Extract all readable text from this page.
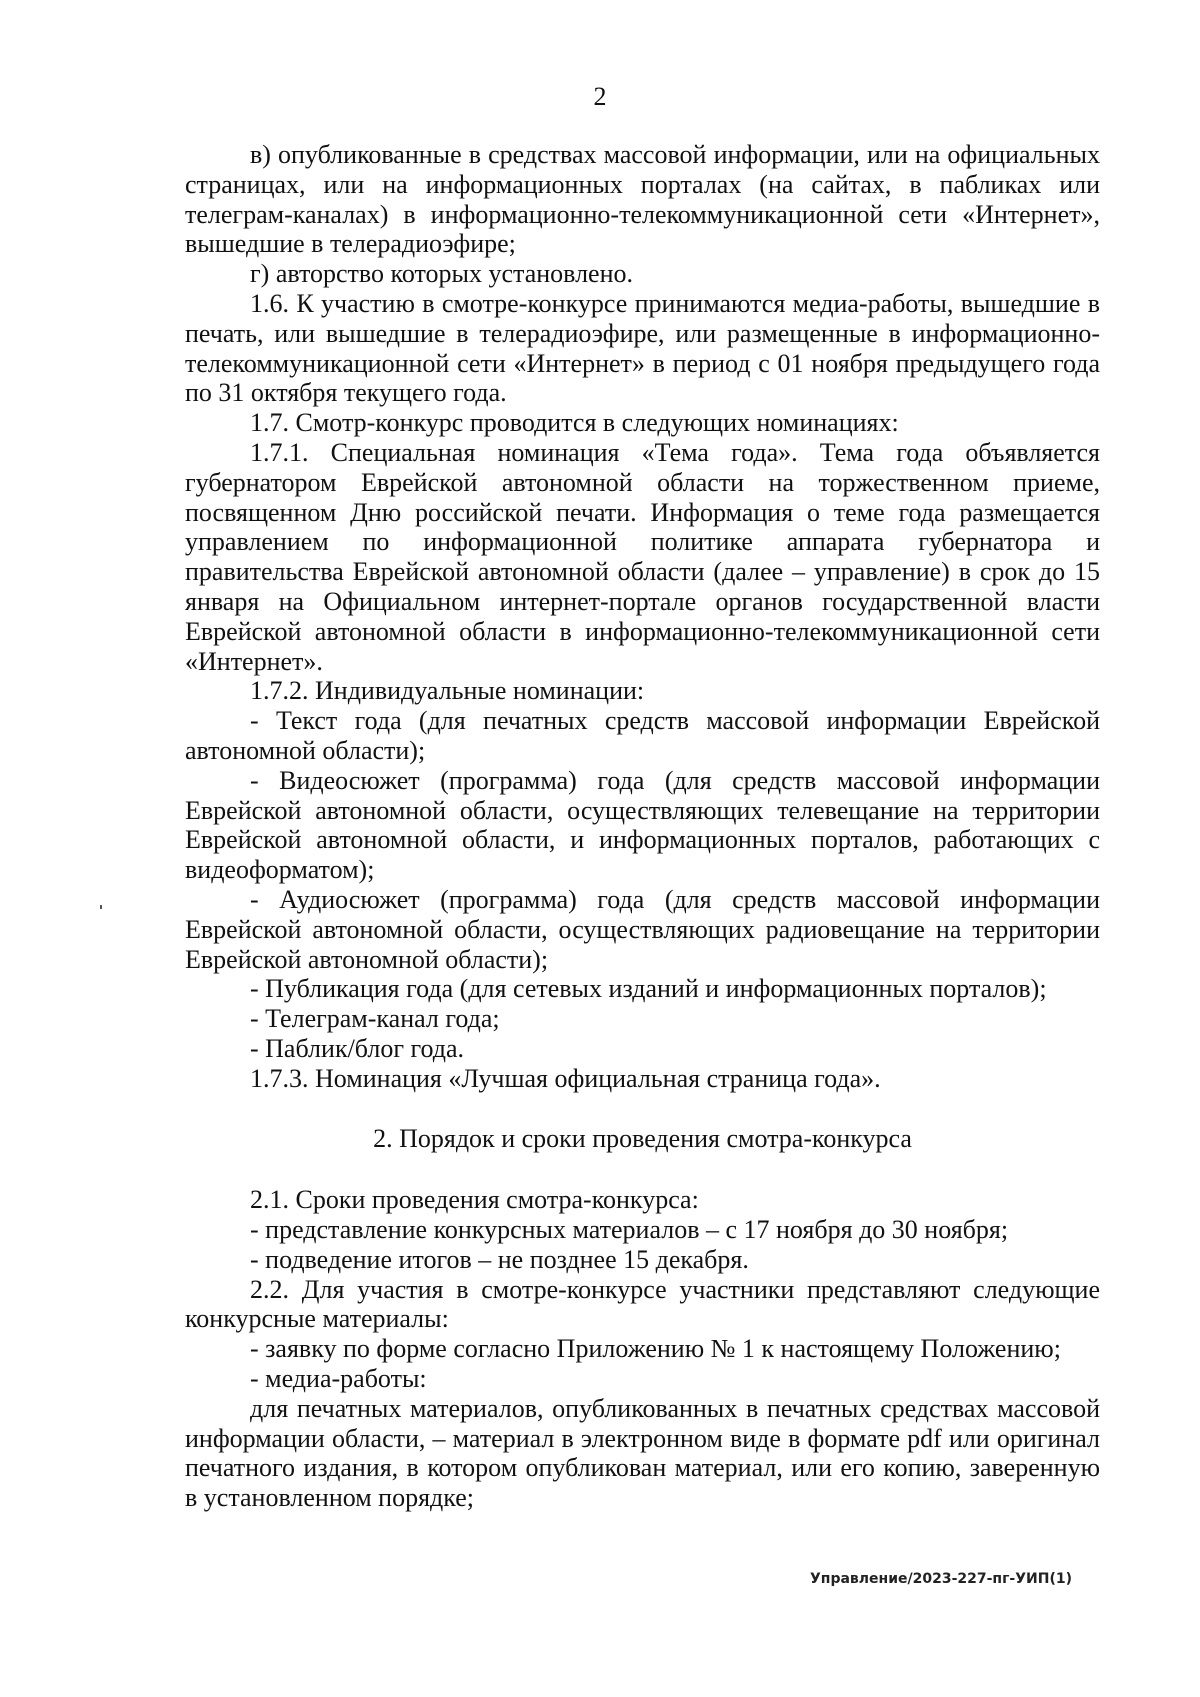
2

в) опубликованные в средствах массовой информации, или на официальных страницах, или на информационных порталах (на сайтах, в пабликах или телеграм-каналах) в информационно-телекоммуникационной сети «Интернет», вышедшие в телерадиоэфире;

г) авторство которых установлено.

1.6. К участию в смотре-конкурсе принимаются медиа-работы, вышедшие в печать, или вышедшие в телерадиоэфире, или размещенные в информационно-телекоммуникационной сети «Интернет» в период с 01 ноября предыдущего года по 31 октября текущего года.

1.7. Смотр-конкурс проводится в следующих номинациях:

1.7.1. Специальная номинация «Тема года». Тема года объявляется губернатором Еврейской автономной области на торжественном приеме, посвященном Дню российской печати. Информация о теме года размещается управлением по информационной политике аппарата губернатора и правительства Еврейской автономной области (далее – управление) в срок до 15 января на Официальном интернет-портале органов государственной власти Еврейской автономной области в информационно-телекоммуникационной сети «Интернет».

1.7.2. Индивидуальные номинации:

- Текст года (для печатных средств массовой информации Еврейской автономной области);

- Видеосюжет (программа) года (для средств массовой информации Еврейской автономной области, осуществляющих телевещание на территории Еврейской автономной области, и информационных порталов, работающих с видеоформатом);

- Аудиосюжет (программа) года (для средств массовой информации Еврейской автономной области, осуществляющих радиовещание на территории Еврейской автономной области);

- Публикация года (для сетевых изданий и информационных порталов);

- Телеграм-канал года;

- Паблик/блог года.

1.7.3. Номинация «Лучшая официальная страница года».

2. Порядок и сроки проведения смотра-конкурса

2.1. Сроки проведения смотра-конкурса:

- представление конкурсных материалов – с 17 ноября до 30 ноября;

- подведение итогов – не позднее 15 декабря.

2.2. Для участия в смотре-конкурсе участники представляют следующие конкурсные материалы:

- заявку по форме согласно Приложению № 1 к настоящему Положению;

- медиа-работы:

для печатных материалов, опубликованных в печатных средствах массовой информации области, – материал в электронном виде в формате pdf или оригинал печатного издания, в котором опубликован материал, или его копию, заверенную в установленном порядке;

Управление/2023-227-пг-УИП(1)
